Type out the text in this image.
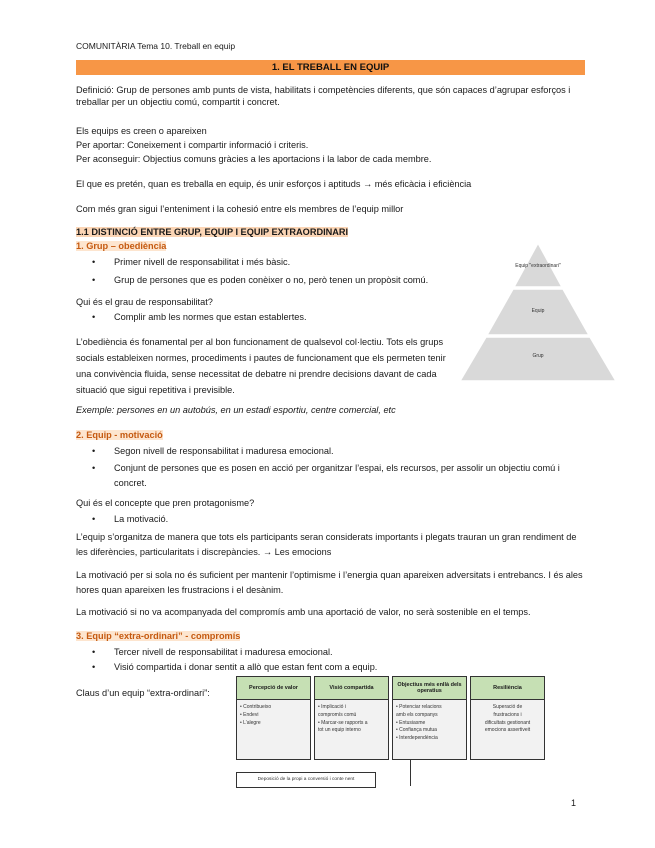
COMUNITÀRIA Tema 10. Treball en equip
1. EL TREBALL EN EQUIP

Definició: Grup de persones amb punts de vista, habilitats i competències diferents, que són capaces d’agrupar esforços i treballar per un objectiu comú, compartit i concret.

Els equips es creen o apareixen

Per aportar: Coneixement i compartir informació i criteris.

Per aconseguir: Objectius comuns gràcies a les aportacions i la labor de cada membre.

El que es pretén, quan es treballa en equip, és unir esforços i aptituds → més eficàcia i eficiència

Com més gran sigui l’enteniment i la cohesió entre els membres de l’equip millor

1.1 DISTINCIÓ ENTRE GRUP, EQUIP I EQUIP EXTRAORDINARI

1. Grup – obediència

• Primer nivell de responsabilitat i més bàsic.
• Grup de persones que es poden conèixer o no, però tenen un propòsit comú.

Qui és el grau de responsabilitat?

• Complir amb les normes que estan establertes.

L’obediència és fonamental per al bon funcionament de qualsevol col·lectiu. Tots els grups socials estableixen normes, procediments i pautes de funcionament que els permeten tenir una convivència fluida, sense necessitat de debatre ni prendre decisions davant de cada situació que sigui repetitiva i previsible.

Exemple: persones en un autobús, en un estadi esportiu, centre comercial, etc

Equip "extraordinari"
Equip
Grup

2. Equip - motivació

• Segon nivell de responsabilitat i maduresa emocional.
• Conjunt de persones que es posen en acció per organitzar l’espai, els recursos, per assolir un objectiu comú i concret.

Qui és el concepte que pren protagonisme?

• La motivació.

L’equip s’organitza de manera que tots els participants seran considerats importants i plegats trauran un gran rendiment de les diferències, particularitats i discrepàncies. → Les emocions

La motivació per si sola no és suficient per mantenir l’optimisme i l’energia quan apareixen adversitats i entrebancs. I és ales hores quan apareixen les frustracions i el desànim.

La motivació si no va acompanyada del compromís amb una aportació de valor, no serà sostenible en el temps.

3. Equip “extra-ordinari” - compromís

• Tercer nivell de responsabilitat i maduresa emocional.
• Visió compartida i donar sentit a allò que estan fent com a equip.

Claus d’un equip “extra-ordinari”:

Percepció de valor
• Contribueixo
• Endevi
• L’alegre
Visió compartida
• Implicació i
compromís comú
• Marcar-se rapports a
tot un equip interno
Objectius més enllà dels operatius
• Potenciar relacions
amb els companys
• Entusiasme
• Confiança mutua
• Interdependència
Resiliència
Superació de
frustracions i
dificultats gestionant
emocions assertiveit
Deposició de la propi a conversió i conte nent
1
